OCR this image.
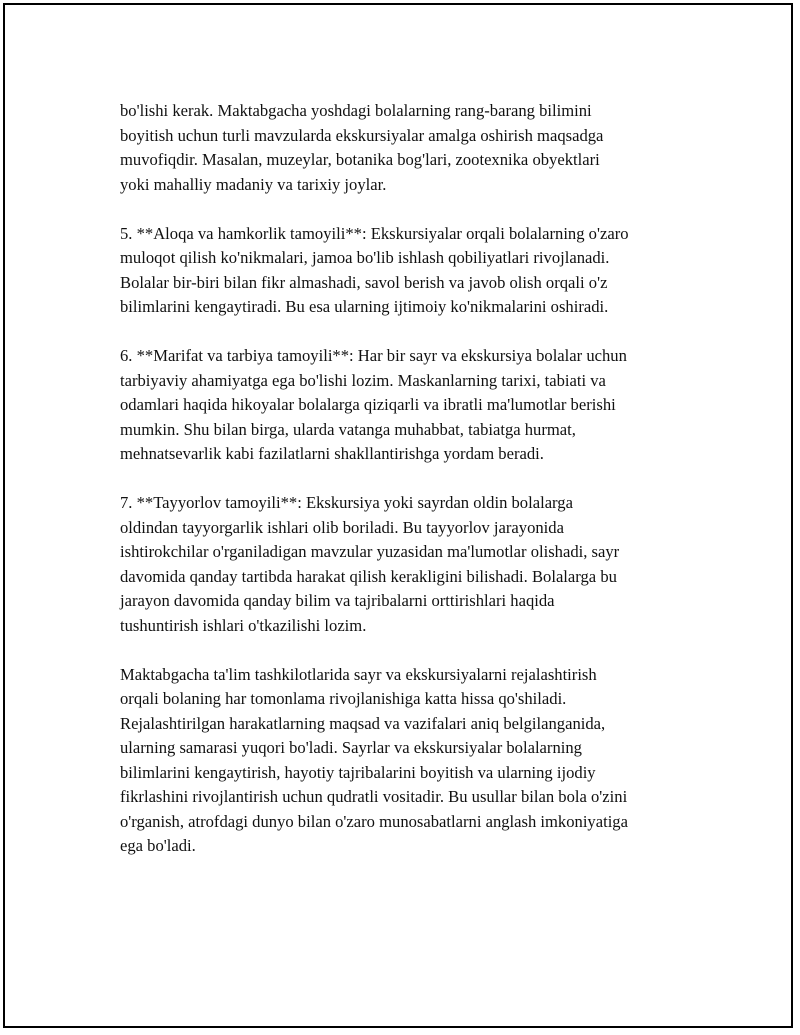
bo'lishi kerak. Maktabgacha yoshdagi bolalarning rang-barang bilimini
boyitish uchun turli mavzularda ekskursiyalar amalga oshirish maqsadga
muvofiqdir. Masalan, muzeylar, botanika bog'lari, zootexnika obyektlari
yoki mahalliy madaniy va tarixiy joylar.

5. **Aloqa va hamkorlik tamoyili**: Ekskursiyalar orqali bolalarning o'zaro
muloqot qilish ko'nikmalari, jamoa bo'lib ishlash qobiliyatlari rivojlanadi.
Bolalar bir-biri bilan fikr almashadi, savol berish va javob olish orqali o'z
bilimlarini kengaytiradi. Bu esa ularning ijtimoiy ko'nikmalarini oshiradi.

6. **Marifat va tarbiya tamoyili**: Har bir sayr va ekskursiya bolalar uchun
tarbiyaviy ahamiyatga ega bo'lishi lozim. Maskanlarning tarixi, tabiati va
odamlari haqida hikoyalar bolalarga qiziqarli va ibratli ma'lumotlar berishi
mumkin. Shu bilan birga, ularda vatanga muhabbat, tabiatga hurmat,
mehnatsevarlik kabi fazilatlarni shakllantirishga yordam beradi.

7. **Tayyorlov tamoyili**: Ekskursiya yoki sayrdan oldin bolalarga
oldindan tayyorgarlik ishlari olib boriladi. Bu tayyorlov jarayonida
ishtirokchilar o'rganiladigan mavzular yuzasidan ma'lumotlar olishadi, sayr
davomida qanday tartibda harakat qilish kerakligini bilishadi. Bolalarga bu
jarayon davomida qanday bilim va tajribalarni orttirishlari haqida
tushuntirish ishlari o'tkazilishi lozim.

Maktabgacha ta'lim tashkilotlarida sayr va ekskursiyalarni rejalashtirish
orqali bolaning har tomonlama rivojlanishiga katta hissa qo'shiladi.
Rejalashtirilgan harakatlarning maqsad va vazifalari aniq belgilanganida,
ularning samarasi yuqori bo'ladi. Sayrlar va ekskursiyalar bolalarning
bilimlarini kengaytirish, hayotiy tajribalarini boyitish va ularning ijodiy
fikrlashini rivojlantirish uchun qudratli vositadir. Bu usullar bilan bola o'zini
o'rganish, atrofdagi dunyo bilan o'zaro munosabatlarni anglash imkoniyatiga
ega bo'ladi.
